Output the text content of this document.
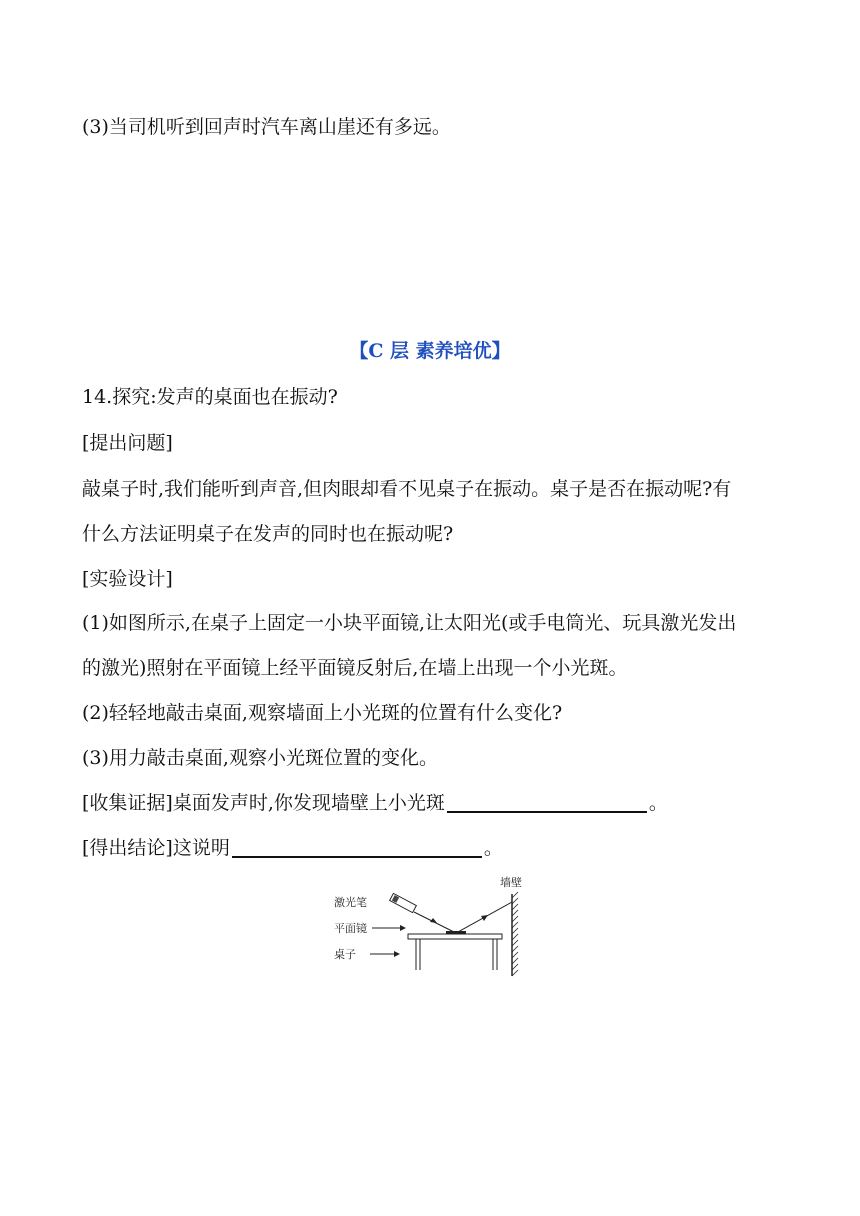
(3)当司机听到回声时汽车离山崖还有多远。
【C 层 素养培优】
14.探究:发声的桌面也在振动?
[提出问题]
敲桌子时,我们能听到声音,但肉眼却看不见桌子在振动。桌子是否在振动呢?有
什么方法证明桌子在发声的同时也在振动呢?
[实验设计]
(1)如图所示,在桌子上固定一小块平面镜,让太阳光(或手电筒光、玩具激光发出
的激光)照射在平面镜上经平面镜反射后,在墙上出现一个小光斑。
(2)轻轻地敲击桌面,观察墙面上小光斑的位置有什么变化?
(3)用力敲击桌面,观察小光斑位置的变化。
[收集证据]桌面发声时,你发现墙壁上小光斑	。
[得出结论]这说明	。
墙壁
激光笔
平面镜
桌子
